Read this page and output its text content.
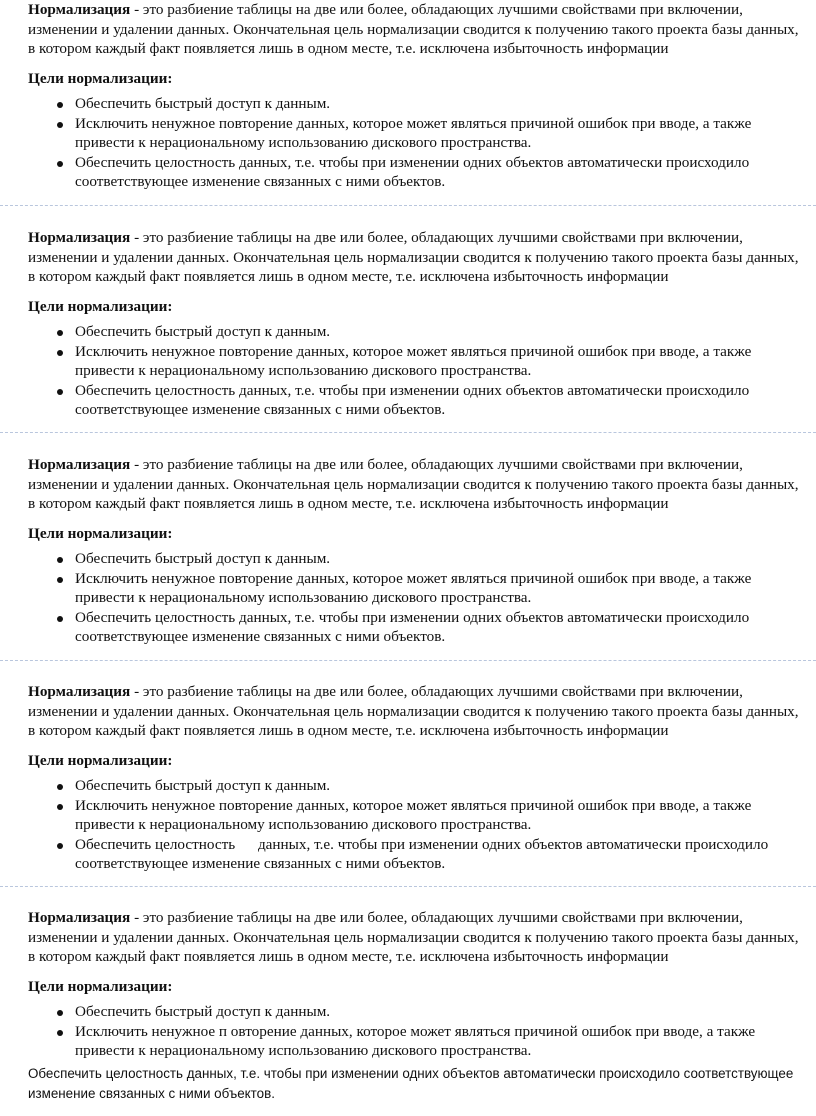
Нормализация - это разбиение таблицы на две или более, обладающих лучшими свойствами при включении, изменении и удалении данных. Окончательная цель нормализации сводится к получению такого проекта базы данных, в котором каждый факт появляется лишь в одном месте, т.е. исключена избыточность информации

Цели нормализации:
Обеспечить быстрый доступ к данным.
Исключить ненужное повторение данных, которое может являться причиной ошибок при вводе, а также привести к нерациональному использованию дискового пространства.
Обеспечить целостность данных, т.е. чтобы при изменении одних объектов автоматически происходило соответствующее изменение связанных с ними объектов.

Нормализация - это разбиение таблицы на две или более, обладающих лучшими свойствами при включении, изменении и удалении данных. Окончательная цель нормализации сводится к получению такого проекта базы данных, в котором каждый факт появляется лишь в одном месте, т.е. исключена избыточность информации

Цели нормализации:
Обеспечить быстрый доступ к данным.
Исключить ненужное повторение данных, которое может являться причиной ошибок при вводе, а также привести к нерациональному использованию дискового пространства.
Обеспечить целостность данных, т.е. чтобы при изменении одних объектов автоматически происходило соответствующее изменение связанных с ними объектов.

Нормализация - это разбиение таблицы на две или более, обладающих лучшими свойствами при включении, изменении и удалении данных. Окончательная цель нормализации сводится к получению такого проекта базы данных, в котором каждый факт появляется лишь в одном месте, т.е. исключена избыточность информации

Цели нормализации:
Обеспечить быстрый доступ к данным.
Исключить ненужное повторение данных, которое может являться причиной ошибок при вводе, а также привести к нерациональному использованию дискового пространства.
Обеспечить целостность данных, т.е. чтобы при изменении одних объектов автоматически происходило соответствующее изменение связанных с ними объектов.

Нормализация - это разбиение таблицы на две или более, обладающих лучшими свойствами при включении, изменении и удалении данных. Окончательная цель нормализации сводится к получению такого проекта базы данных, в котором каждый факт появляется лишь в одном месте, т.е. исключена избыточность информации

Цели нормализации:
Обеспечить быстрый доступ к данным.
Исключить ненужное повторение данных, которое может являться причиной ошибок при вводе, а также привести к нерациональному использованию дискового пространства.
Обеспечить целостность      данных, т.е. чтобы при изменении одних объектов автоматически происходило соответствующее изменение связанных с ними объектов.

Нормализация - это разбиение таблицы на две или более, обладающих лучшими свойствами при включении, изменении и удалении данных. Окончательная цель нормализации сводится к получению такого проекта базы данных, в котором каждый факт появляется лишь в одном месте, т.е. исключена избыточность информации

Цели нормализации:
Обеспечить быстрый доступ к данным.
Исключить ненужное п овторение данных, которое может являться причиной ошибок при вводе, а также привести к нерациональному использованию дискового пространства.

Обеспечить целостность данных, т.е. чтобы при изменении одних объектов автоматически происходило соответствующее изменение связанных с ними объектов.
